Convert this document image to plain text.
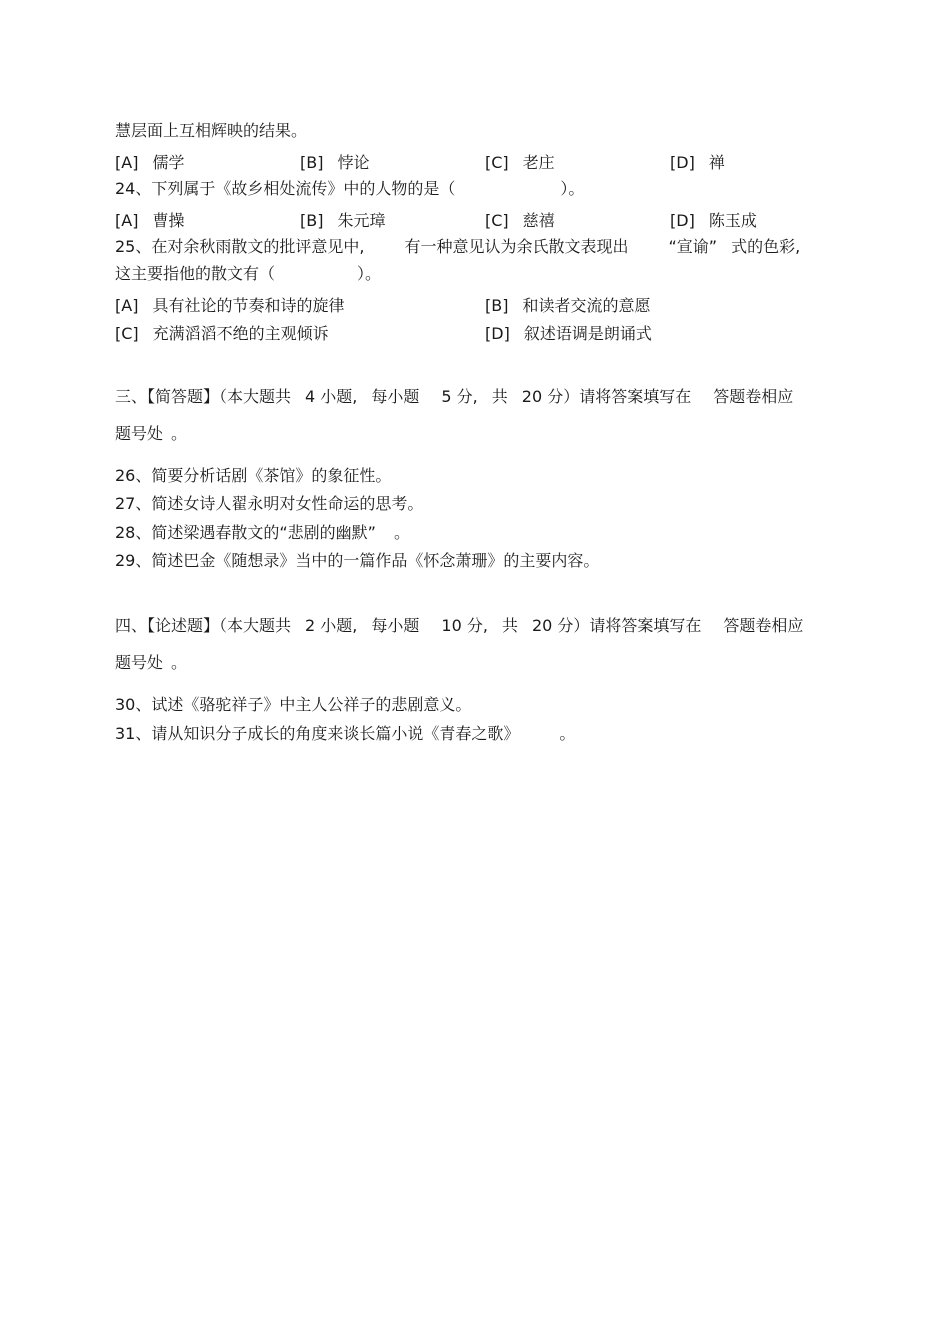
慧层面上互相辉映的结果。
[A] 儒学	[B] 悖论	[C] 老庄	[D] 禅
24、下列属于《故乡相处流传》中的人物的是（	）。
[A] 曹操	[B] 朱元璋	[C] 慈禧	[D] 陈玉成
25、在对余秋雨散文的批评意见中,	有一种意见认为余氏散文表现出	“宣谕” 式的色彩,
这主要指他的散文有（	）。
[A] 具有社论的节奏和诗的旋律	[B] 和读者交流的意愿
[C] 充满滔滔不绝的主观倾诉	[D] 叙述语调是朗诵式
三、【简答题】（本大题共 4 小题, 每小题 5 分, 共 20 分）请将答案填写在 答题卷相应
题号处 。
26、简要分析话剧《茶馆》的象征性。
27、简述女诗人翟永明对女性命运的思考。
28、简述梁遇春散文的“悲剧的幽默” 。
29、简述巴金《随想录》当中的一篇作品《怀念萧珊》的主要内容。
四、【论述题】（本大题共 2 小题, 每小题 10 分, 共 20 分）请将答案填写在 答题卷相应
题号处 。
30、试述《骆驼祥子》中主人公祥子的悲剧意义。
31、请从知识分子成长的角度来谈长篇小说《青春之歌》	。
